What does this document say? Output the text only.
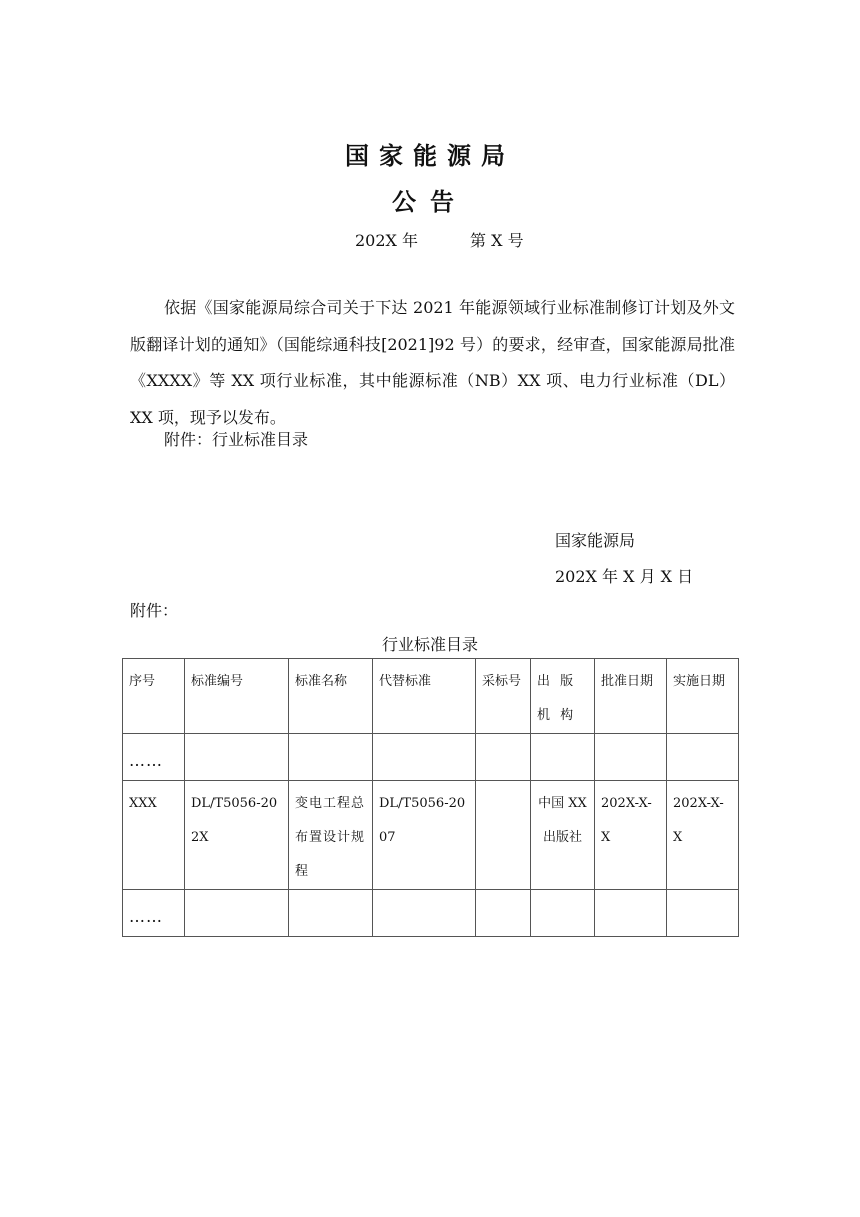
国家能源局
公告
202X 年	第 X 号

依据《国家能源局综合司关于下达 2021 年能源领域行业标准制修订计划及外文版翻译计划的通知》（国能综通科技[2021]92 号）的要求，经审查，国家能源局批准《XXXX》等 XX 项行业标准，其中能源标准（NB）XX 项、电力行业标准（DL）XX 项，现予以发布。

附件：行业标准目录
国家能源局
202X 年 X 月 X 日
附件：
行业标准目录
序号	标准编号	标准名称	代替标准	采标号	出 版 机 构	批准日期	实施日期
……							
XXX	DL/T5056-202X	变电工程总布置设计规程	DL/T5056-2007		中国 XX 出版社	202X-X-X	202X-X-X
……							
